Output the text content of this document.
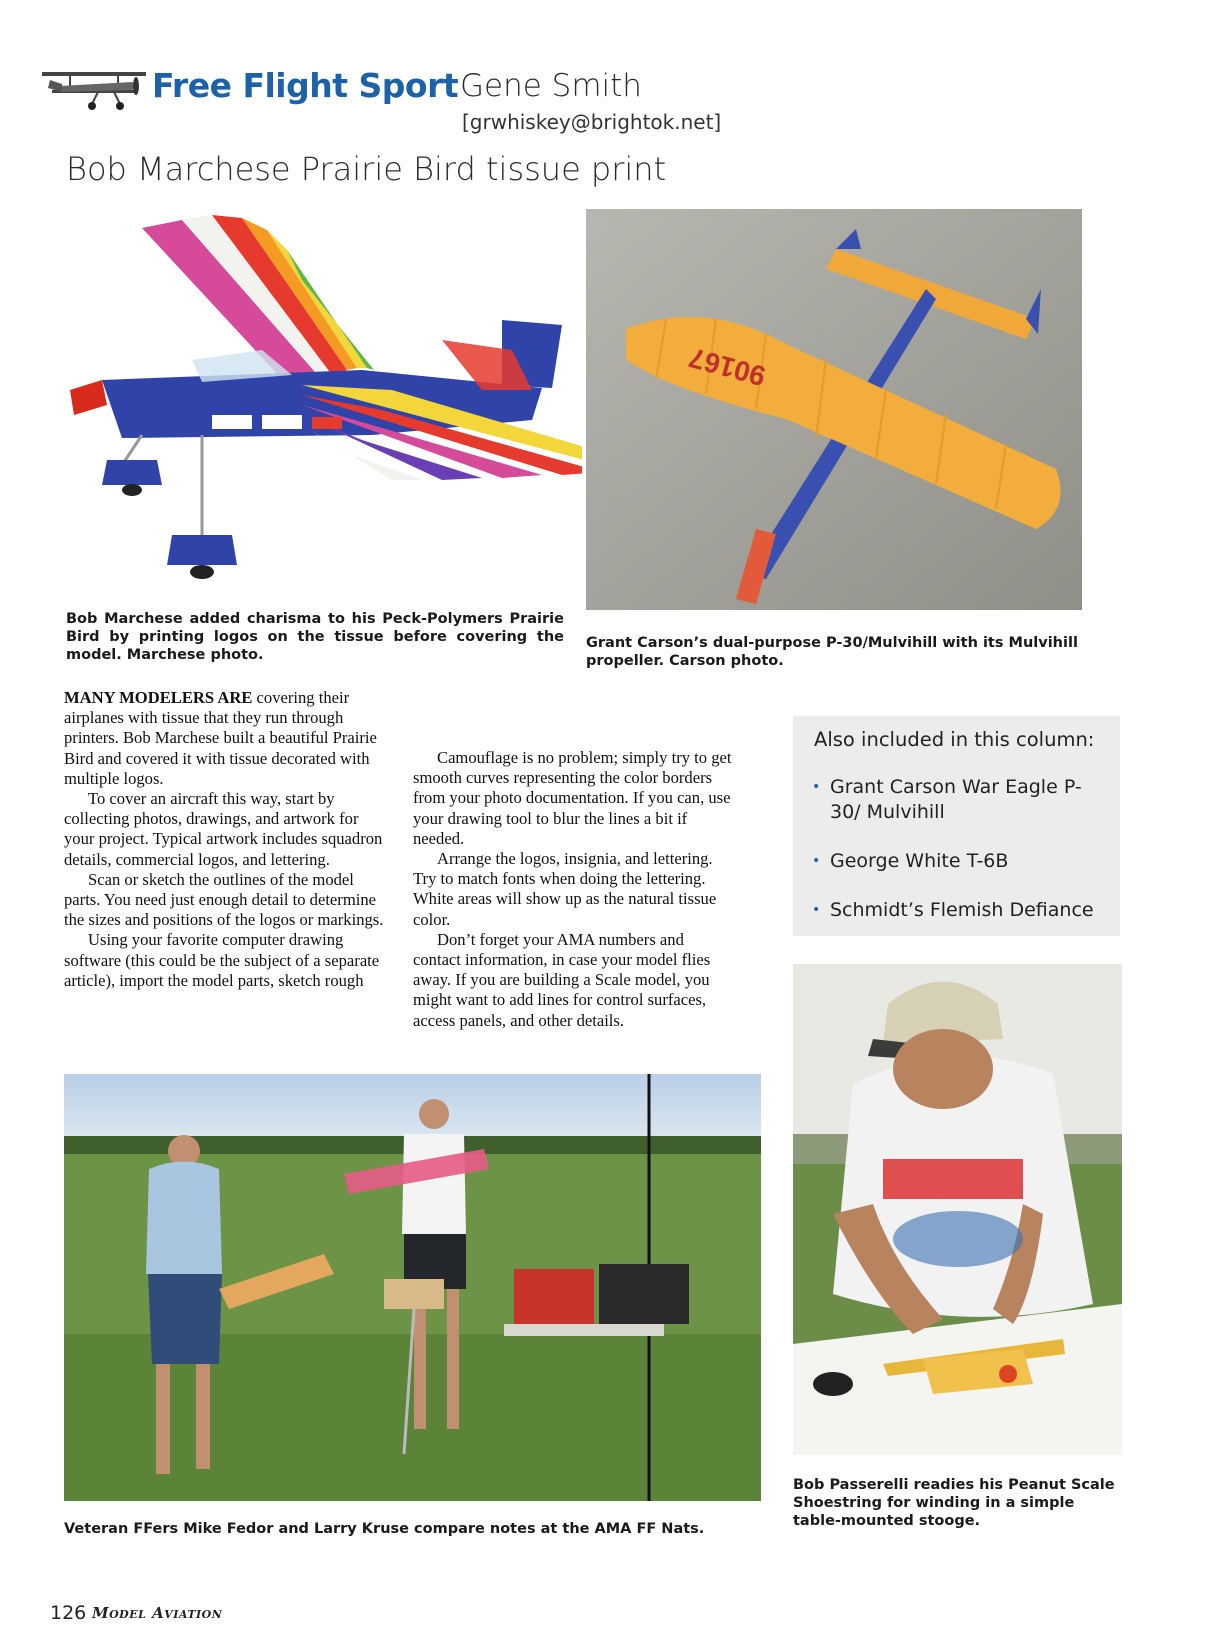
Free Flight Sport Gene Smith
[grwhiskey@brightok.net]
Bob Marchese Prairie Bird tissue print
Bob Marchese added charisma to his Peck-Polymers Prairie Bird by printing logos on the tissue before covering the model. Marchese photo.
90167
Grant Carson’s dual-purpose P-30/Mulvihill with its Mulvihill propeller. Carson photo.

MANY MODELERS ARE covering their airplanes with tissue that they run through printers. Bob Marchese built a beautiful Prairie Bird and covered it with tissue decorated with multiple logos.

To cover an aircraft this way, start by collecting photos, drawings, and artwork for your project. Typical artwork includes squadron details, commercial logos, and lettering.

Scan or sketch the outlines of the model parts. You need just enough detail to determine the sizes and positions of the logos or markings.

Using your favorite computer drawing software (this could be the subject of a separate article), import the model parts, sketch rough

Camouflage is no problem; simply try to get smooth curves representing the color borders from your photo documentation. If you can, use your drawing tool to blur the lines a bit if needed.

Arrange the logos, insignia, and lettering. Try to match fonts when doing the lettering. White areas will show up as the natural tissue color.

Don’t forget your AMA numbers and contact information, in case your model flies away. If you are building a Scale model, you might want to add lines for control surfaces, access panels, and other details.

Also included in this column:
• Grant Carson War Eagle P-30/ Mulvihill
• George White T-6B
• Schmidt’s Flemish Defiance
Bob Passerelli readies his Peanut Scale Shoestring for winding in a simple table-mounted stooge.
Veteran FFers Mike Fedor and Larry Kruse compare notes at the AMA FF Nats.
126 Model Aviation
